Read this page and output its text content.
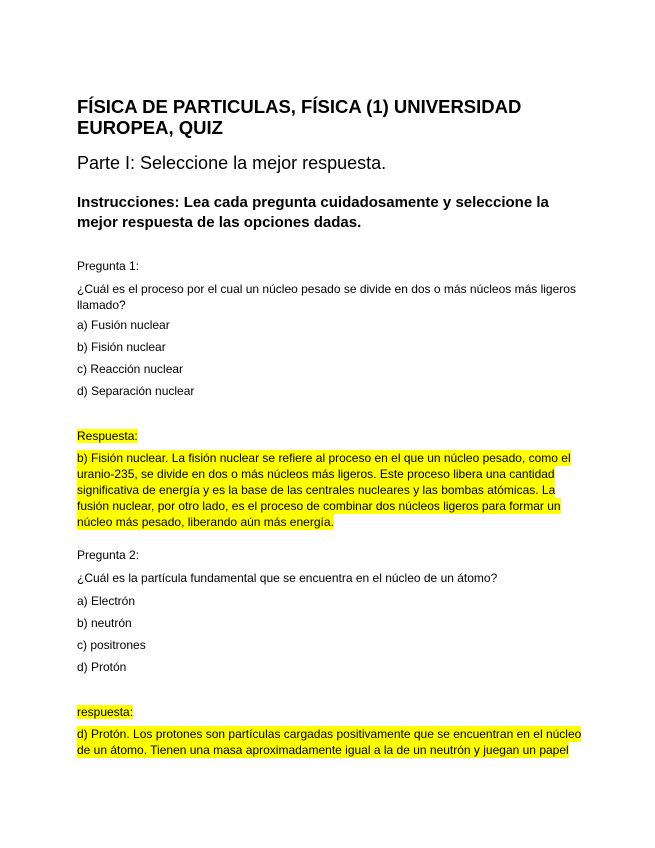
FÍSICA DE PARTICULAS, FÍSICA (1) UNIVERSIDAD
EUROPEA, QUIZ
Parte I: Seleccione la mejor respuesta.
Instrucciones: Lea cada pregunta cuidadosamente y seleccione la
mejor respuesta de las opciones dadas.
Pregunta 1:
¿Cuál es el proceso por el cual un núcleo pesado se divide en dos o más núcleos más ligeros
llamado?
a) Fusión nuclear
b) Fisión nuclear
c) Reacción nuclear
d) Separación nuclear
Respuesta:
b) Fisión nuclear. La fisión nuclear se refiere al proceso en el que un núcleo pesado, como el
uranio-235, se divide en dos o más núcleos más ligeros. Este proceso libera una cantidad
significativa de energía y es la base de las centrales nucleares y las bombas atómicas. La
fusión nuclear, por otro lado, es el proceso de combinar dos núcleos ligeros para formar un
núcleo más pesado, liberando aún más energía.
Pregunta 2:
¿Cuál es la partícula fundamental que se encuentra en el núcleo de un átomo?
a) Electrón
b) neutrón
c) positrones
d) Protón
respuesta:
d) Protón. Los protones son partículas cargadas positivamente que se encuentran en el núcleo
de un átomo. Tienen una masa aproximadamente igual a la de un neutrón y juegan un papel
